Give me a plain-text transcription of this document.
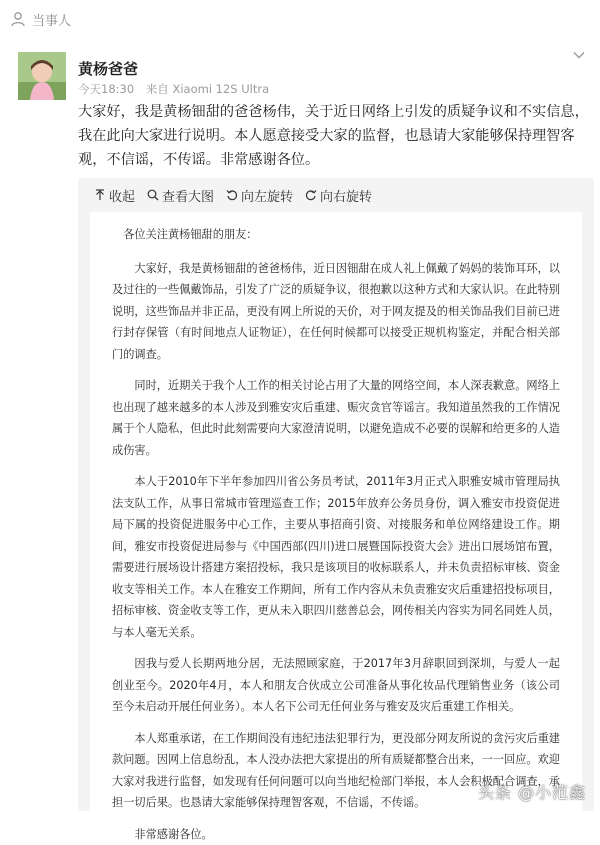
当事人
黄杨爸爸
今天18:30 来自 Xiaomi 12S Ultra
大家好，我是黄杨钿甜的爸爸杨伟，关于近日网络上引发的质疑争议和不实信息，我在此向大家进行说明。本人愿意接受大家的监督，也恳请大家能够保持理智客观，不信谣，不传谣。非常感谢各位。
收起 查看大图 向左旋转 向右旋转

各位关注黄杨钿甜的朋友：

大家好，我是黄杨钿甜的爸爸杨伟，近日因钿甜在成人礼上佩戴了妈妈的装饰耳环，以及过往的一些佩戴饰品，引发了广泛的质疑争议，很抱歉以这种方式和大家认识。在此特别说明，这些饰品并非正品，更没有网上所说的天价，对于网友提及的相关饰品我们目前已进行封存保管（有时间地点人证物证），在任何时候都可以接受正规机构鉴定，并配合相关部门的调查。

同时，近期关于我个人工作的相关讨论占用了大量的网络空间，本人深表歉意。网络上也出现了越来越多的本人涉及到雅安灾后重建、赈灾贪官等谣言。我知道虽然我的工作情况属于个人隐私，但此时此刻需要向大家澄清说明，以避免造成不必要的误解和给更多的人造成伤害。

本人于2010年下半年参加四川省公务员考试，2011年3月正式入职雅安城市管理局执法支队工作，从事日常城市管理巡查工作；2015年放弃公务员身份，调入雅安市投资促进局下属的投资促进服务中心工作，主要从事招商引资、对接服务和单位网络建设工作。期间，雅安市投资促进局参与《中国西部(四川)进口展暨国际投资大会》进出口展场馆布置，需要进行展场设计搭建方案招投标，我只是该项目的收标联系人，并未负责招标审核、资金收支等相关工作。本人在雅安工作期间，所有工作内容从未负责雅安灾后重建招投标项目，招标审核、资金收支等工作，更从未入职四川慈善总会，网传相关内容实为同名同姓人员，与本人毫无关系。

因我与爱人长期两地分居，无法照顾家庭，于2017年3月辞职回到深圳，与爱人一起创业至今。2020年4月，本人和朋友合伙成立公司准备从事化妆品代理销售业务（该公司至今未启动开展任何业务）。本人名下公司无任何业务与雅安及灾后重建工作相关。

本人郑重承诺，在工作期间没有违纪违法犯罪行为，更没部分网友所说的贪污灾后重建款问题。因网上信息纷乱，本人没办法把大家提出的所有质疑都整合出来，一一回应。欢迎大家对我进行监督，如发现有任何问题可以向当地纪检部门举报，本人会积极配合调查，承担一切后果。也恳请大家能够保持理智客观，不信谣，不传谣。

非常感谢各位。

头条 @小范鑫
